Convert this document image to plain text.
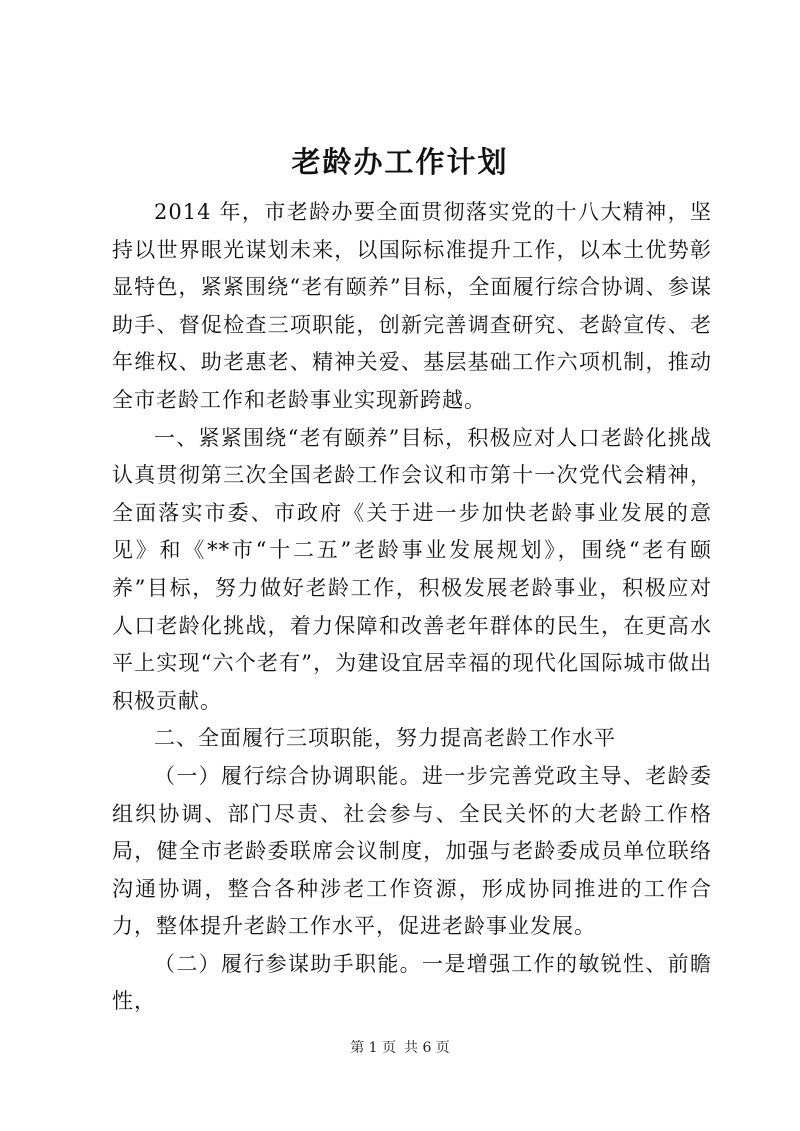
老龄办工作计划

2014 年，市老龄办要全面贯彻落实党的十八大精神，坚持以世界眼光谋划未来，以国际标准提升工作，以本土优势彰显特色，紧紧围绕“老有颐养”目标，全面履行综合协调、参谋助手、督促检查三项职能，创新完善调查研究、老龄宣传、老年维权、助老惠老、精神关爱、基层基础工作六项机制，推动全市老龄工作和老龄事业实现新跨越。

一、紧紧围绕“老有颐养”目标，积极应对人口老龄化挑战认真贯彻第三次全国老龄工作会议和市第十一次党代会精神，全面落实市委、市政府《关于进一步加快老龄事业发展的意见》和《**市“十二五”老龄事业发展规划》，围绕“老有颐养”目标，努力做好老龄工作，积极发展老龄事业，积极应对人口老龄化挑战，着力保障和改善老年群体的民生，在更高水平上实现“六个老有”，为建设宜居幸福的现代化国际城市做出积极贡献。

二、全面履行三项职能，努力提高老龄工作水平

（一）履行综合协调职能。进一步完善党政主导、老龄委组织协调、部门尽责、社会参与、全民关怀的大老龄工作格局，健全市老龄委联席会议制度，加强与老龄委成员单位联络沟通协调，整合各种涉老工作资源，形成协同推进的工作合力，整体提升老龄工作水平，促进老龄事业发展。

（二）履行参谋助手职能。一是增强工作的敏锐性、前瞻性，

第 1 页 共 6 页
